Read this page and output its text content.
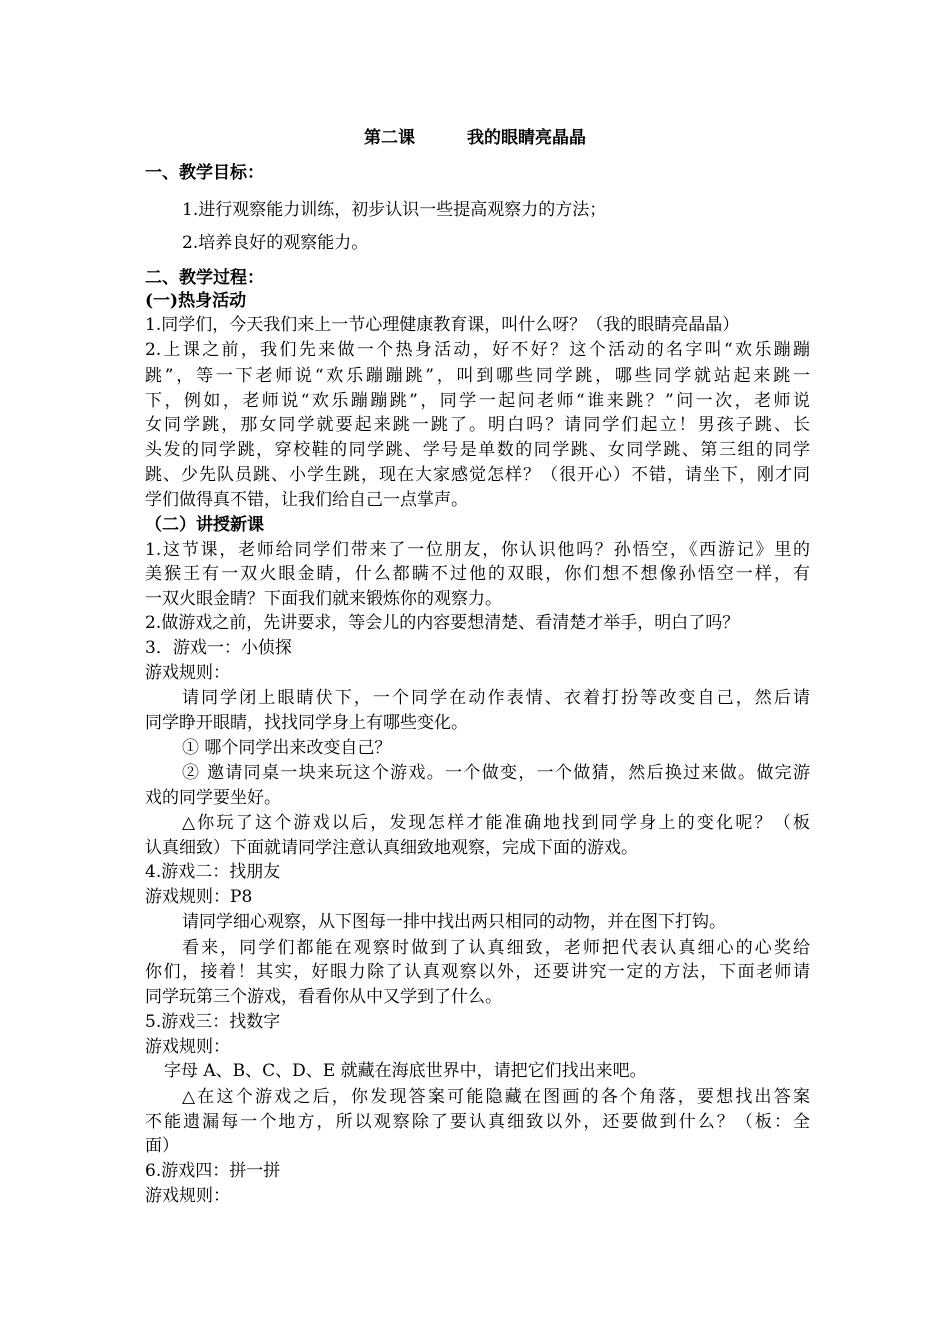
第二课	我的眼睛亮晶晶
一、教学目标：
1.进行观察能力训练，初步认识一些提高观察力的方法；
2.培养良好的观察能力。
二、教学过程：
(一)热身活动
1.同学们，今天我们来上一节心理健康教育课，叫什么呀？（我的眼睛亮晶晶）
2.上课之前，我们先来做一个热身活动，好不好？这个活动的名字叫“欢乐蹦蹦
跳”，等一下老师说“欢乐蹦蹦跳”，叫到哪些同学跳，哪些同学就站起来跳一
下，例如，老师说“欢乐蹦蹦跳”，同学一起问老师“谁来跳？”问一次，老师说
女同学跳，那女同学就要起来跳一跳了。明白吗？请同学们起立！男孩子跳、长
头发的同学跳，穿校鞋的同学跳、学号是单数的同学跳、女同学跳、第三组的同学
跳、少先队员跳、小学生跳，现在大家感觉怎样？（很开心）不错，请坐下，刚才同
学们做得真不错，让我们给自己一点掌声。
（二）讲授新课
1.这节课，老师给同学们带来了一位朋友，你认识他吗？孙悟空，《西游记》里的
美猴王有一双火眼金睛，什么都瞒不过他的双眼，你们想不想像孙悟空一样，有
一双火眼金睛？下面我们就来锻炼你的观察力。
2.做游戏之前，先讲要求，等会儿的内容要想清楚、看清楚才举手，明白了吗？
3．游戏一：小侦探
游戏规则：
请同学闭上眼睛伏下，一个同学在动作表情、衣着打扮等改变自己，然后请
同学睁开眼睛，找找同学身上有哪些变化。
① 哪个同学出来改变自己？
② 邀请同桌一块来玩这个游戏。一个做变，一个做猜，然后换过来做。做完游
戏的同学要坐好。
△你玩了这个游戏以后，发现怎样才能准确地找到同学身上的变化呢？（板
认真细致）下面就请同学注意认真细致地观察，完成下面的游戏。
4.游戏二：找朋友
游戏规则：P8
请同学细心观察，从下图每一排中找出两只相同的动物，并在图下打钩。
看来，同学们都能在观察时做到了认真细致，老师把代表认真细心的心奖给
你们，接着！其实，好眼力除了认真观察以外，还要讲究一定的方法，下面老师请
同学玩第三个游戏，看看你从中又学到了什么。
5.游戏三：找数字
游戏规则：
字母 A、B、C、D、E 就藏在海底世界中，请把它们找出来吧。
△在这个游戏之后，你发现答案可能隐藏在图画的各个角落，要想找出答案
不能遗漏每一个地方，所以观察除了要认真细致以外，还要做到什么？（板：全
面）
6.游戏四：拼一拼
游戏规则：
